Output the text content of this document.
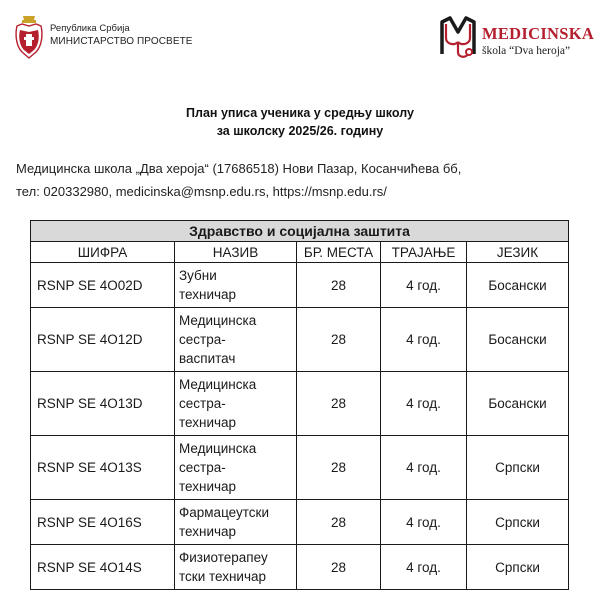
Република Србија
МИНИСТАРСТВО ПРОСВЕТЕ	MEDICINSKA
škola “Dva heroja”
План уписа ученика у средњу школу
за школску 2025/26. годину
Медицинска школа „Два хероја“ (17686518) Нови Пазар, Косанчићева бб,
тел: 020332980, medicinska@msnp.edu.rs, https://msnp.edu.rs/
Здравство и социјална заштита				
ШИФРА	НАЗИВ	БР. МЕСТА	ТРАЈАЊЕ	ЈЕЗИК
RSNP SE 4O02D	Зубни
техничар	28	4 год.	Босански
RSNP SE 4O12D	Медицинска
сестра-
васпитач	28	4 год.	Босански
RSNP SE 4O13D	Медицинска
сестра-
техничар	28	4 год.	Босански
RSNP SE 4O13S	Медицинска
сестра-
техничар	28	4 год.	Српски
RSNP SE 4O16S	Фармацеутски
техничар	28	4 год.	Српски
RSNP SE 4O14S	Физиотерапеу
тски техничар	28	4 год.	Српски
